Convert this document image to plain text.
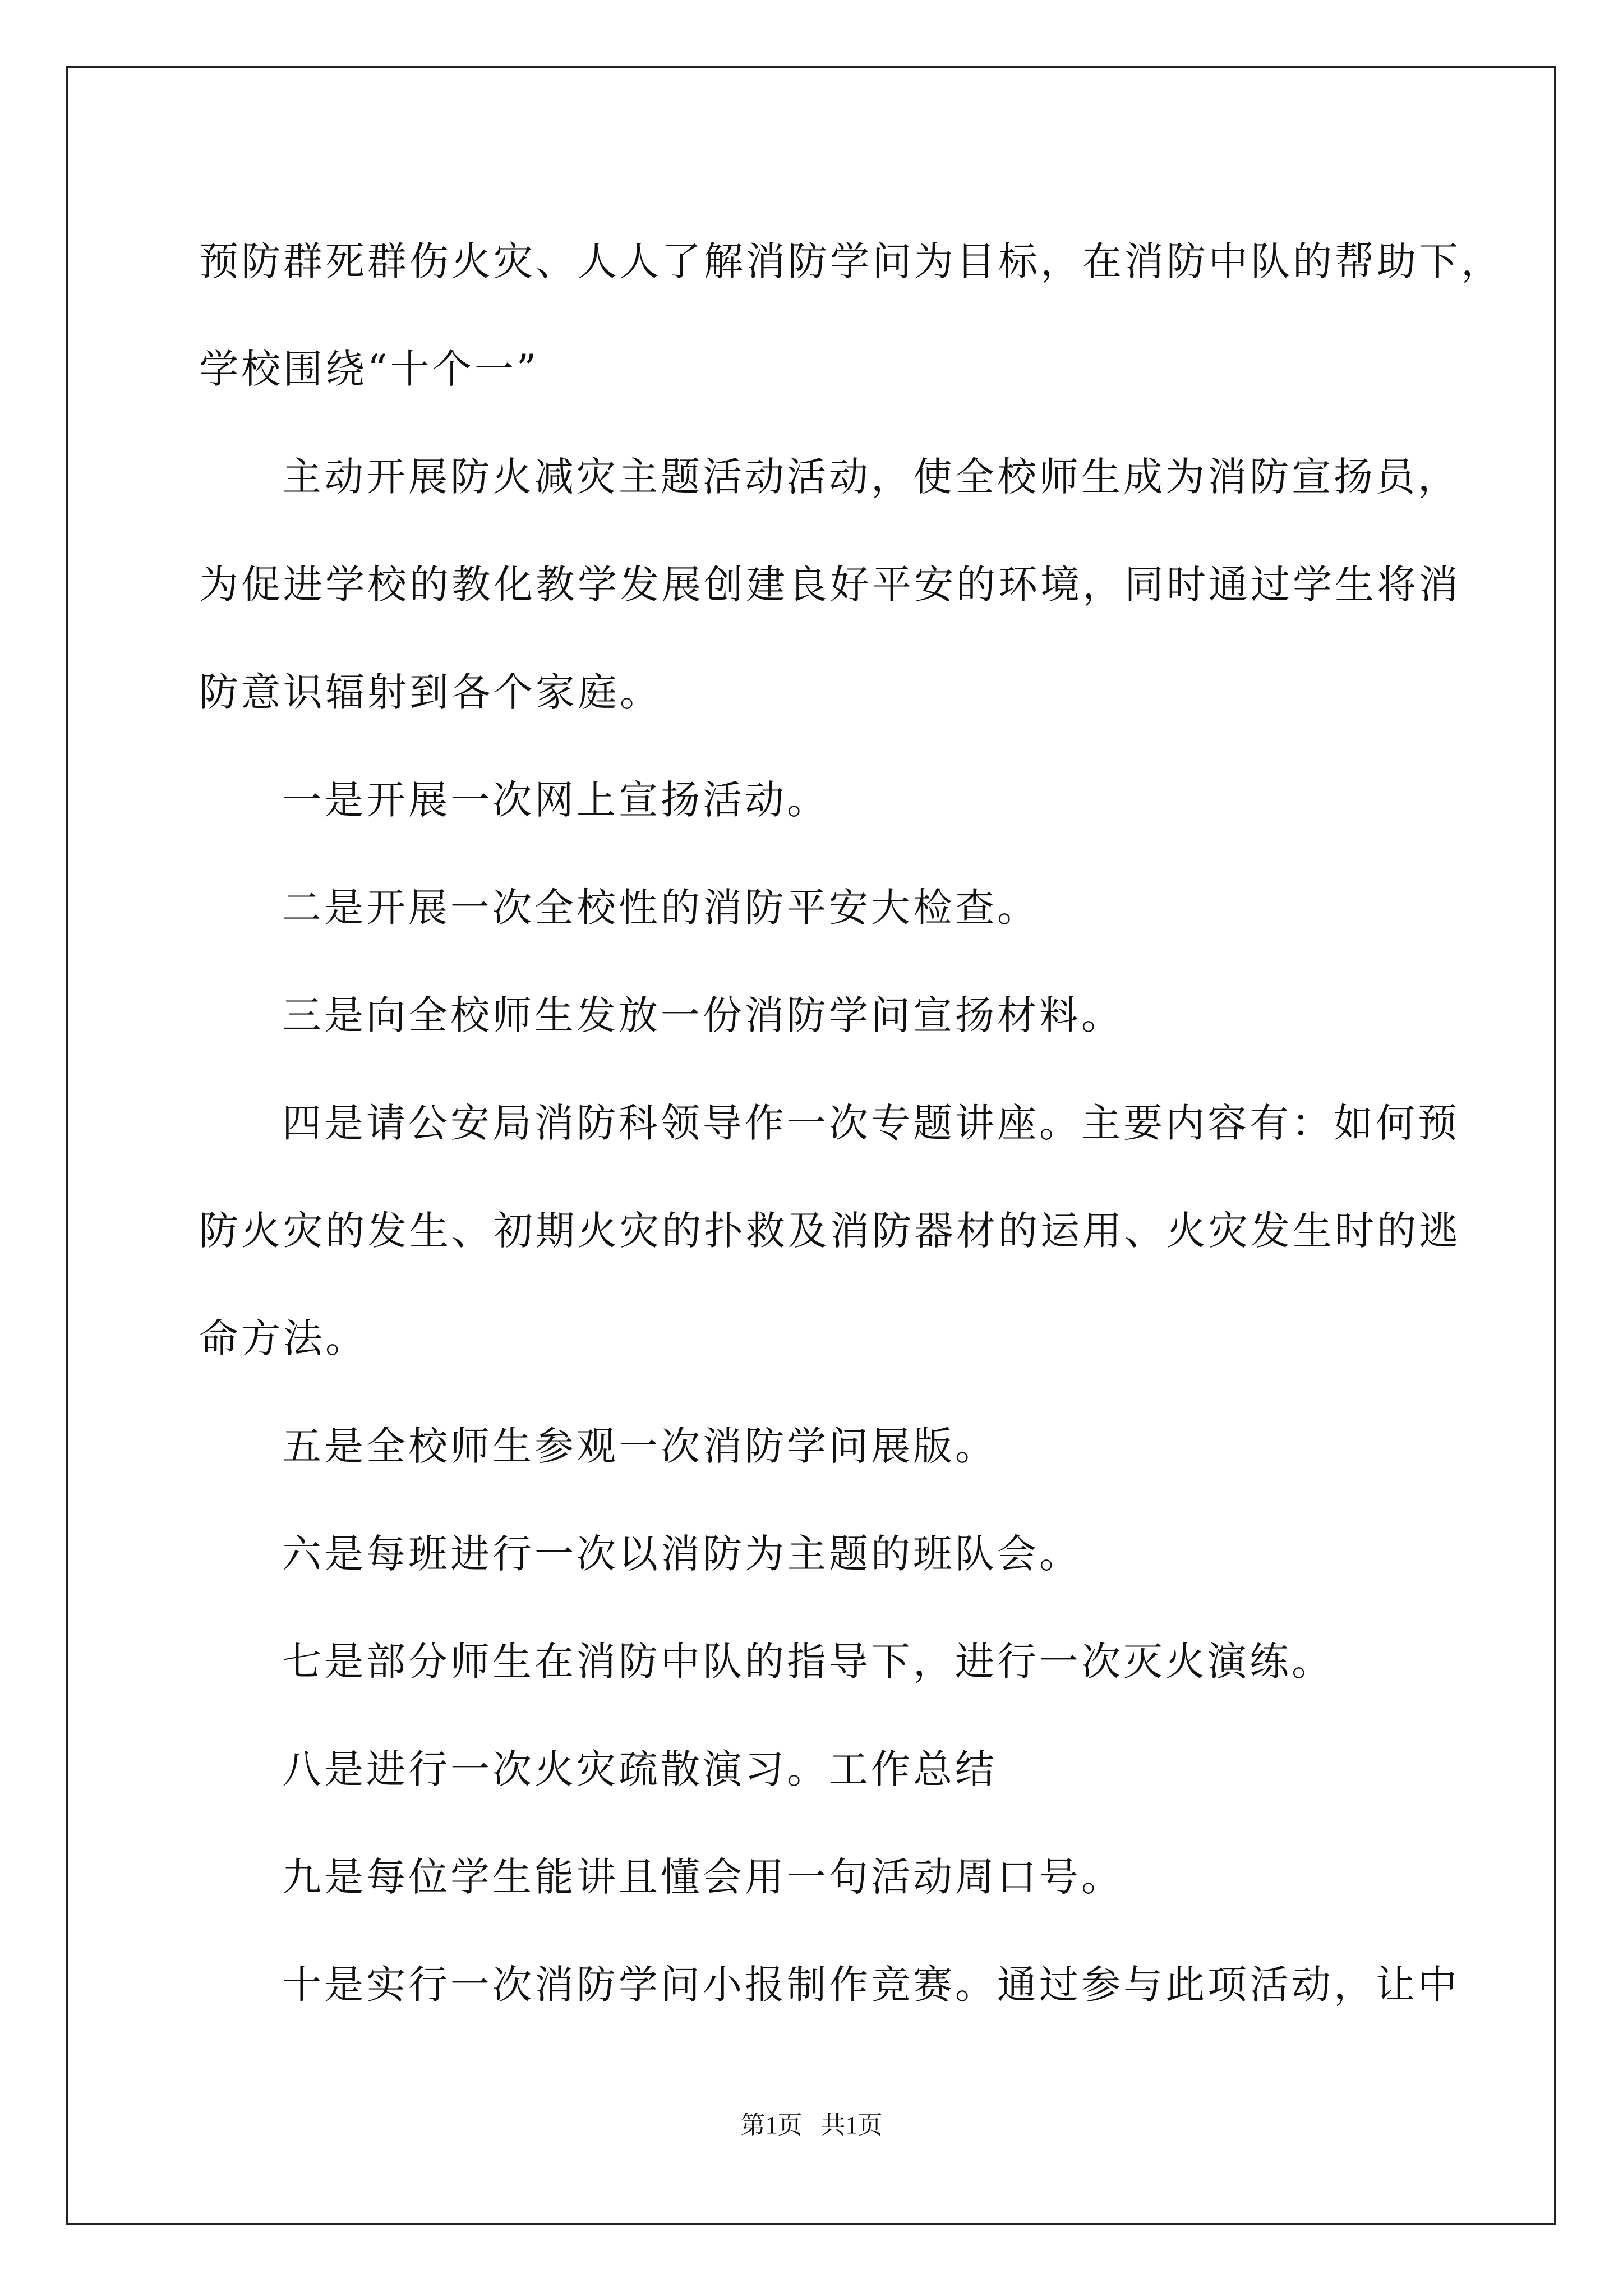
预防群死群伤火灾、人人了解消防学问为目标，在消防中队的帮助下，
学校围绕“十个一”
主动开展防火减灾主题活动活动，使全校师生成为消防宣扬员，
为促进学校的教化教学发展创建良好平安的环境，同时通过学生将消
防意识辐射到各个家庭。
一是开展一次网上宣扬活动。
二是开展一次全校性的消防平安大检查。
三是向全校师生发放一份消防学问宣扬材料。
四是请公安局消防科领导作一次专题讲座。主要内容有：如何预
防火灾的发生、初期火灾的扑救及消防器材的运用、火灾发生时的逃
命方法。
五是全校师生参观一次消防学问展版。
六是每班进行一次以消防为主题的班队会。
七是部分师生在消防中队的指导下，进行一次灭火演练。
八是进行一次火灾疏散演习。工作总结
九是每位学生能讲且懂会用一句活动周口号。
十是实行一次消防学问小报制作竞赛。通过参与此项活动，让中
第1页   共1页
